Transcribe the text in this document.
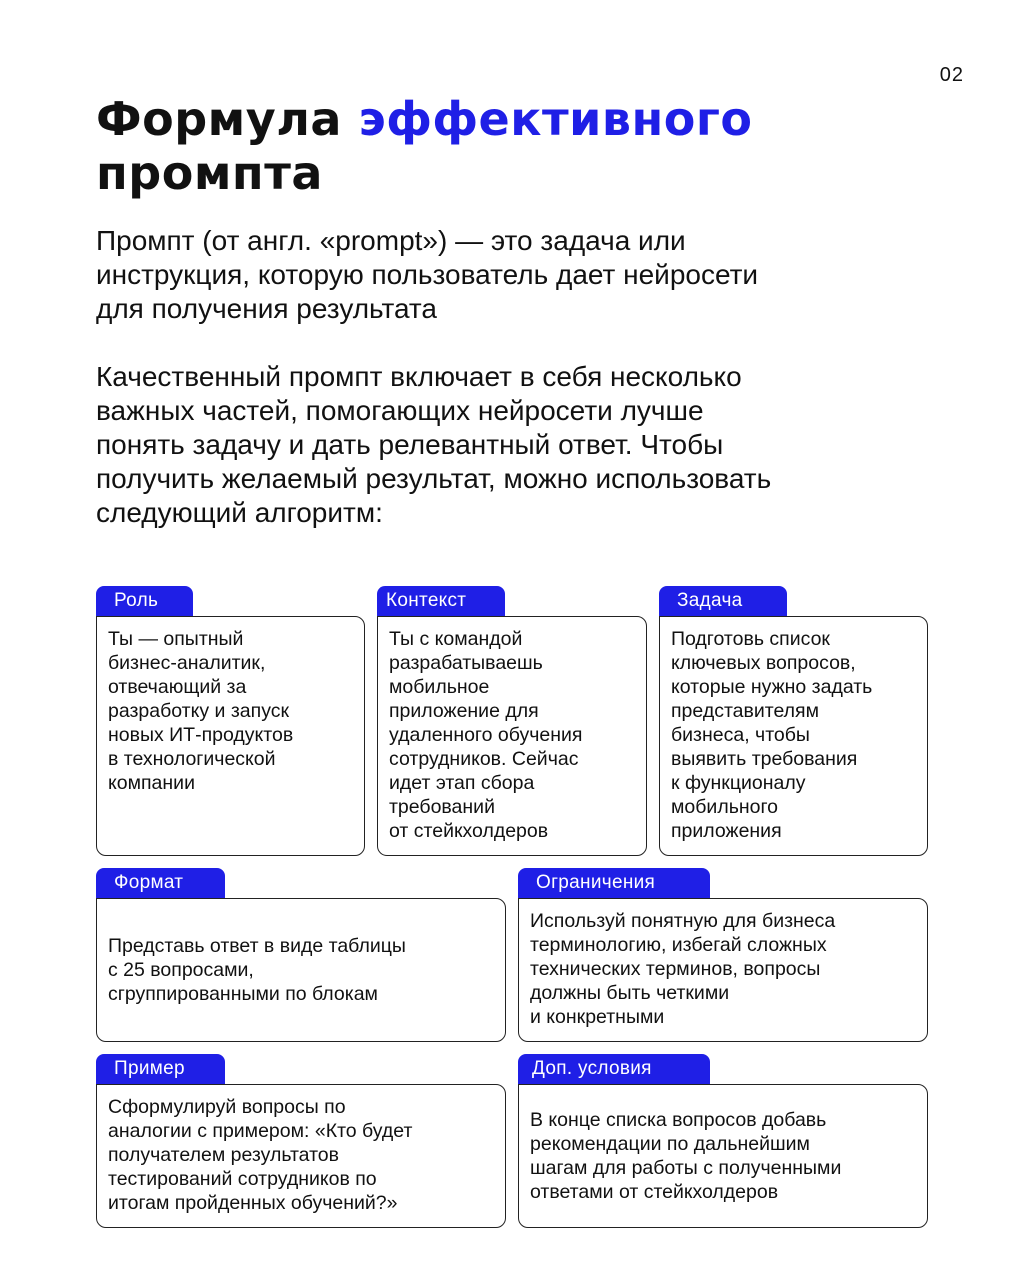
02
Формула эффективного
промпта

Промпт (от англ. «prompt») — это задача или
инструкция, которую пользователь дает нейросети
для получения результата

Качественный промпт включает в себя несколько
важных частей, помогающих нейросети лучше
понять задачу и дать релевантный ответ. Чтобы
получить желаемый результат, можно использовать
следующий алгоритм:

Роль
Ты — опытный
бизнес-аналитик,
отвечающий за
разработку и запуск
новых ИТ-продуктов
в технологической
компании
Контекст
Ты с командой
разрабатываешь
мобильное
приложение для
удаленного обучения
сотрудников. Сейчас
идет этап сбора
требований
от стейкхолдеров
Задача
Подготовь список
ключевых вопросов,
которые нужно задать
представителям
бизнеса, чтобы
выявить требования
к функционалу
мобильного
приложения
Формат
Представь ответ в виде таблицы
с 25 вопросами,
сгруппированными по блокам
Ограничения
Используй понятную для бизнеса
терминологию, избегай сложных
технических терминов, вопросы
должны быть четкими
и конкретными
Пример
Сформулируй вопросы по
аналогии с примером: «Кто будет
получателем результатов
тестирований сотрудников по
итогам пройденных обучений?»
Доп. условия
В конце списка вопросов добавь
рекомендации по дальнейшим
шагам для работы с полученными
ответами от стейкхолдеров
